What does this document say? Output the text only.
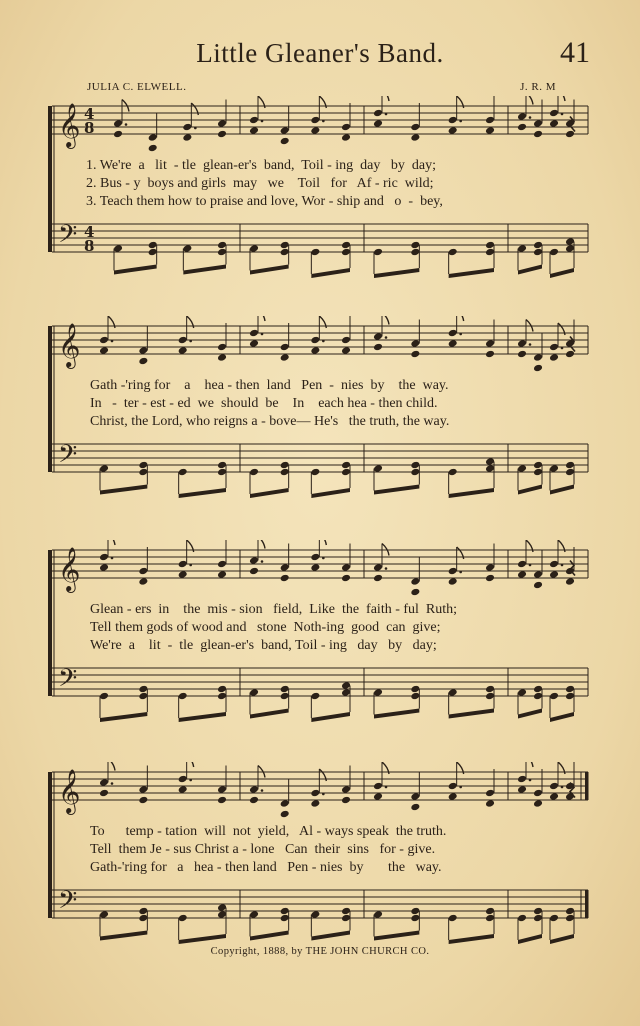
Little Gleaner's Band.	41
JULIA C. ELWELL.	J. R. M
𝄞
𝄢
4
8
4
8
1. We're  a   lit  - tle  glean-er's  band,  Toil - ing  day   by  day;
2. Bus - y  boys and girls  may   we    Toil   for   Af - ric  wild;
3. Teach them how to praise and love, Wor - ship and   o  -  bey,
𝄞
𝄢
Gath -'ring for    a    hea - then  land   Pen  -  nies  by    the  way.
In   -  ter - est - ed  we  should  be    In    each hea - then child.
Christ, the Lord, who reigns a - bove— He's   the truth, the way.
𝄞
𝄢
Glean - ers  in    the  mis - sion   field,  Like  the  faith - ful  Ruth;
Tell them gods of wood and   stone  Noth-ing  good  can  give;
We're  a    lit  -  tle  glean-er's  band, Toil - ing   day   by   day;
𝄞
𝄢
To      temp - tation  will  not  yield,   Al - ways speak  the truth.
Tell  them Je - sus Christ a - lone   Can  their  sins   for - give.
Gath-'ring for   a   hea - then land   Pen - nies  by       the   way.
Copyright, 1888, by THE JOHN CHURCH CO.
